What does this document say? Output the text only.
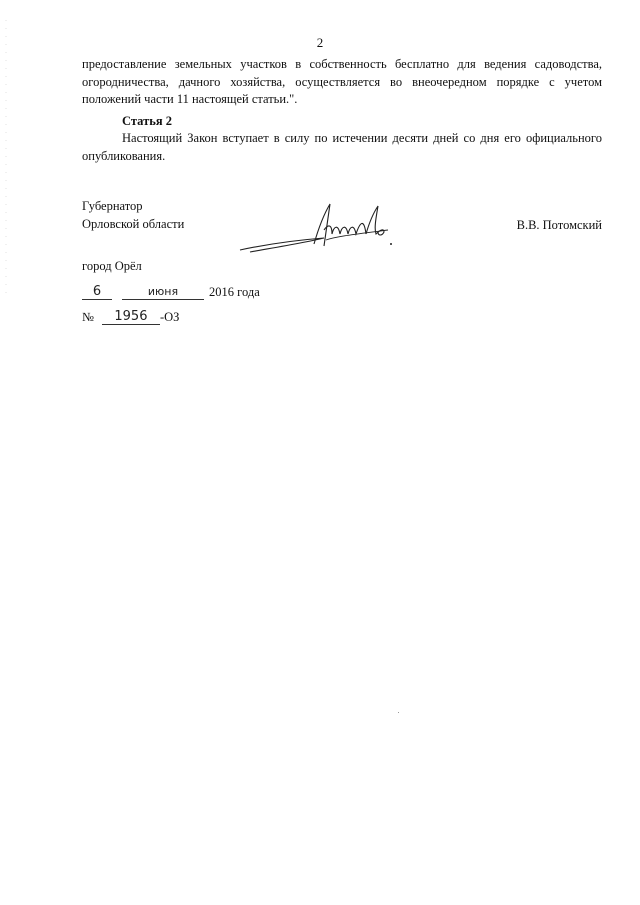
2

предоставление земельных участков в собственность бесплатно для ведения садоводства, огородничества, дачного хозяйства, осуществляется во внеочередном порядке с учетом положений части 11 настоящей статьи.".

Статья 2

Настоящий Закон вступает в силу по истечении десяти дней со дня его официального опубликования.

Губернатор
Орловской области	В.В. Потомский
город Орёл
6	июня	2016 года
№	1956 -ОЗ
